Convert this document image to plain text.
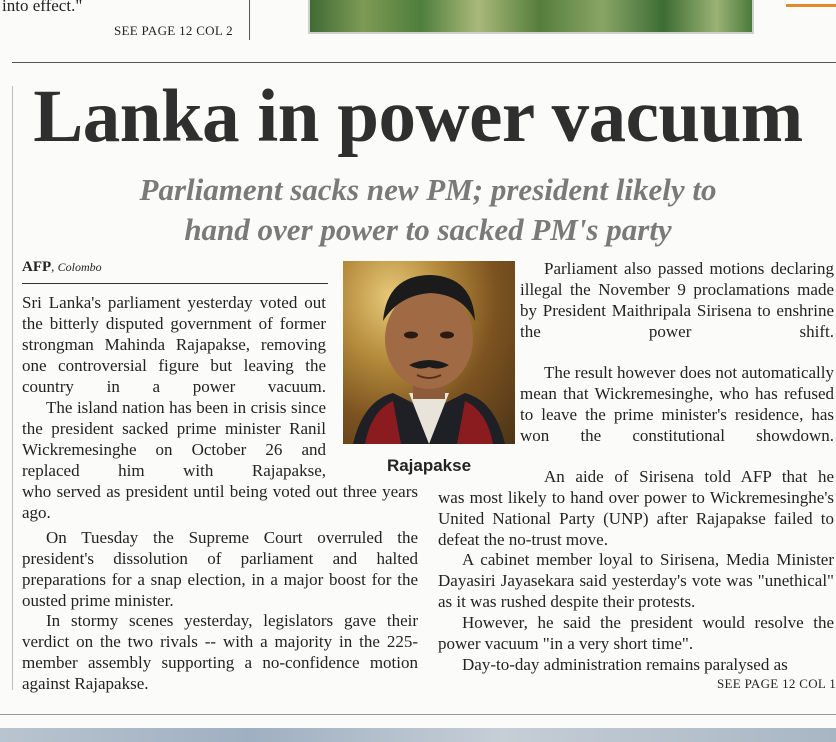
into effect."
SEE PAGE 12 COL 2
Lanka in power vacuum
Parliament sacks new PM; president likely to
hand over power to sacked PM's party
AFP, Colombo
Sri Lanka's parliament yesterday voted out the bitterly disputed government of former strongman Mahinda Rajapakse, removing one controversial figure but leaving the country in a power vacuum.
The island nation has been in crisis since the president sacked prime minister Ranil Wickremesinghe on October 26 and replaced him with Rajapakse,
who served as president until being voted out three years ago.
On Tuesday the Supreme Court overruled the president's dissolution of parliament and halted preparations for a snap election, in a major boost for the ousted prime minister.
In stormy scenes yesterday, legislators gave their verdict on the two rivals -- with a majority in the 225-member assembly supporting a no-confidence motion against Rajapakse.
Rajapakse
Parliament also passed motions declaring illegal the November 9 proclamations made by President Maithripala Sirisena to enshrine the power shift.
The result however does not automatically mean that Wickremesinghe, who has refused to leave the prime minister's residence, has won the constitutional showdown.
An aide of Sirisena told AFP that he
was most likely to hand over power to Wickremesinghe's United National Party (UNP) after Rajapakse failed to defeat the no-trust move.
A cabinet member loyal to Sirisena, Media Minister Dayasiri Jayasekara said yesterday's vote was "unethical" as it was rushed despite their protests.
However, he said the president would resolve the power vacuum "in a very short time".
Day-to-day administration remains paralysed as
SEE PAGE 12 COL 1
